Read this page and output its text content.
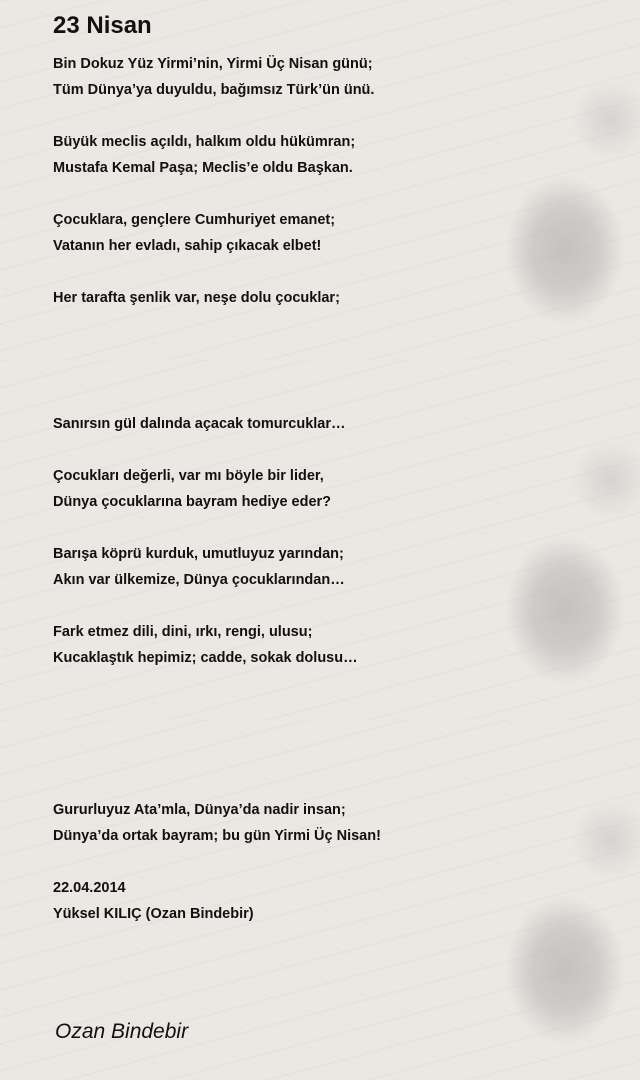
23 Nisan
Bin Dokuz Yüz Yirmi’nin, Yirmi Üç Nisan günü;
Tüm Dünya’ya duyuldu, bağımsız Türk’ün ünü.
Büyük meclis açıldı, halkım oldu hükümran;
Mustafa Kemal Paşa; Meclis’e oldu Başkan.
Çocuklara, gençlere Cumhuriyet emanet;
Vatanın her evladı, sahip çıkacak elbet!
Her tarafta şenlik var, neşe dolu çocuklar;
Sanırsın gül dalında açacak tomurcuklar…
Çocukları değerli, var mı böyle bir lider,
Dünya çocuklarına bayram hediye eder?
Barışa köprü kurduk, umutluyuz yarından;
Akın var ülkemize, Dünya çocuklarından…
Fark etmez dili, dini, ırkı, rengi, ulusu;
Kucaklaştık hepimiz; cadde, sokak dolusu…
Gururluyuz Ata’mla, Dünya’da nadir insan;
Dünya’da ortak bayram; bu gün Yirmi Üç Nisan!
22.04.2014
Yüksel KILIÇ (Ozan Bindebir)
Ozan Bindebir
